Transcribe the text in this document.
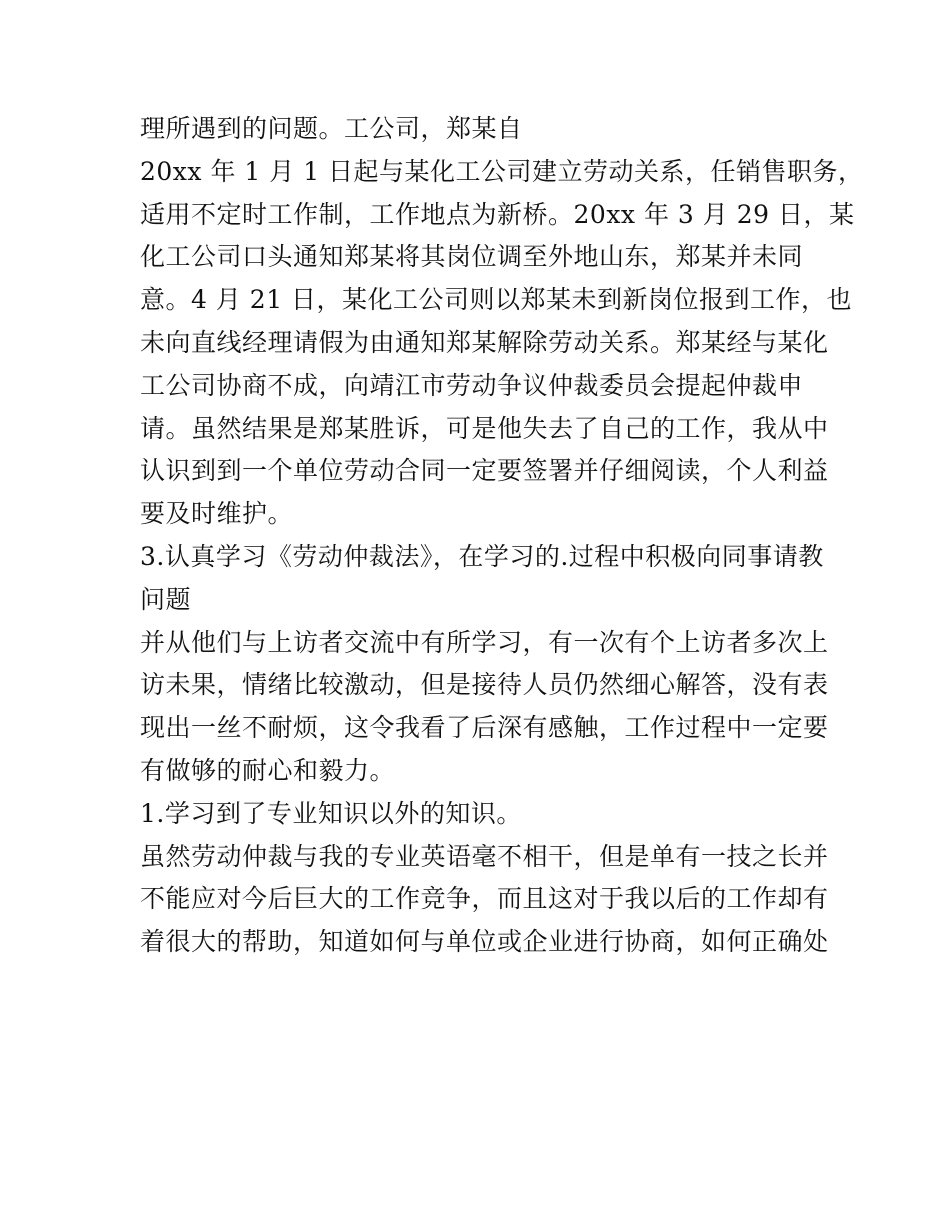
理所遇到的问题。工公司，郑某自
20xx 年 1 月 1 日起与某化工公司建立劳动关系，任销售职务，
适用不定时工作制，工作地点为新桥。20xx 年 3 月 29 日，某
化工公司口头通知郑某将其岗位调至外地山东，郑某并未同
意。4 月 21 日，某化工公司则以郑某未到新岗位报到工作，也
未向直线经理请假为由通知郑某解除劳动关系。郑某经与某化
工公司协商不成，向靖江市劳动争议仲裁委员会提起仲裁申
请。虽然结果是郑某胜诉，可是他失去了自己的工作，我从中
认识到到一个单位劳动合同一定要签署并仔细阅读，个人利益
要及时维护。
3.认真学习《劳动仲裁法》，在学习的.过程中积极向同事请教
问题
并从他们与上访者交流中有所学习，有一次有个上访者多次上
访未果，情绪比较激动，但是接待人员仍然细心解答，没有表
现出一丝不耐烦，这令我看了后深有感触，工作过程中一定要
有做够的耐心和毅力。
1.学习到了专业知识以外的知识。
虽然劳动仲裁与我的专业英语毫不相干，但是单有一技之长并
不能应对今后巨大的工作竞争，而且这对于我以后的工作却有
着很大的帮助，知道如何与单位或企业进行协商，如何正确处
